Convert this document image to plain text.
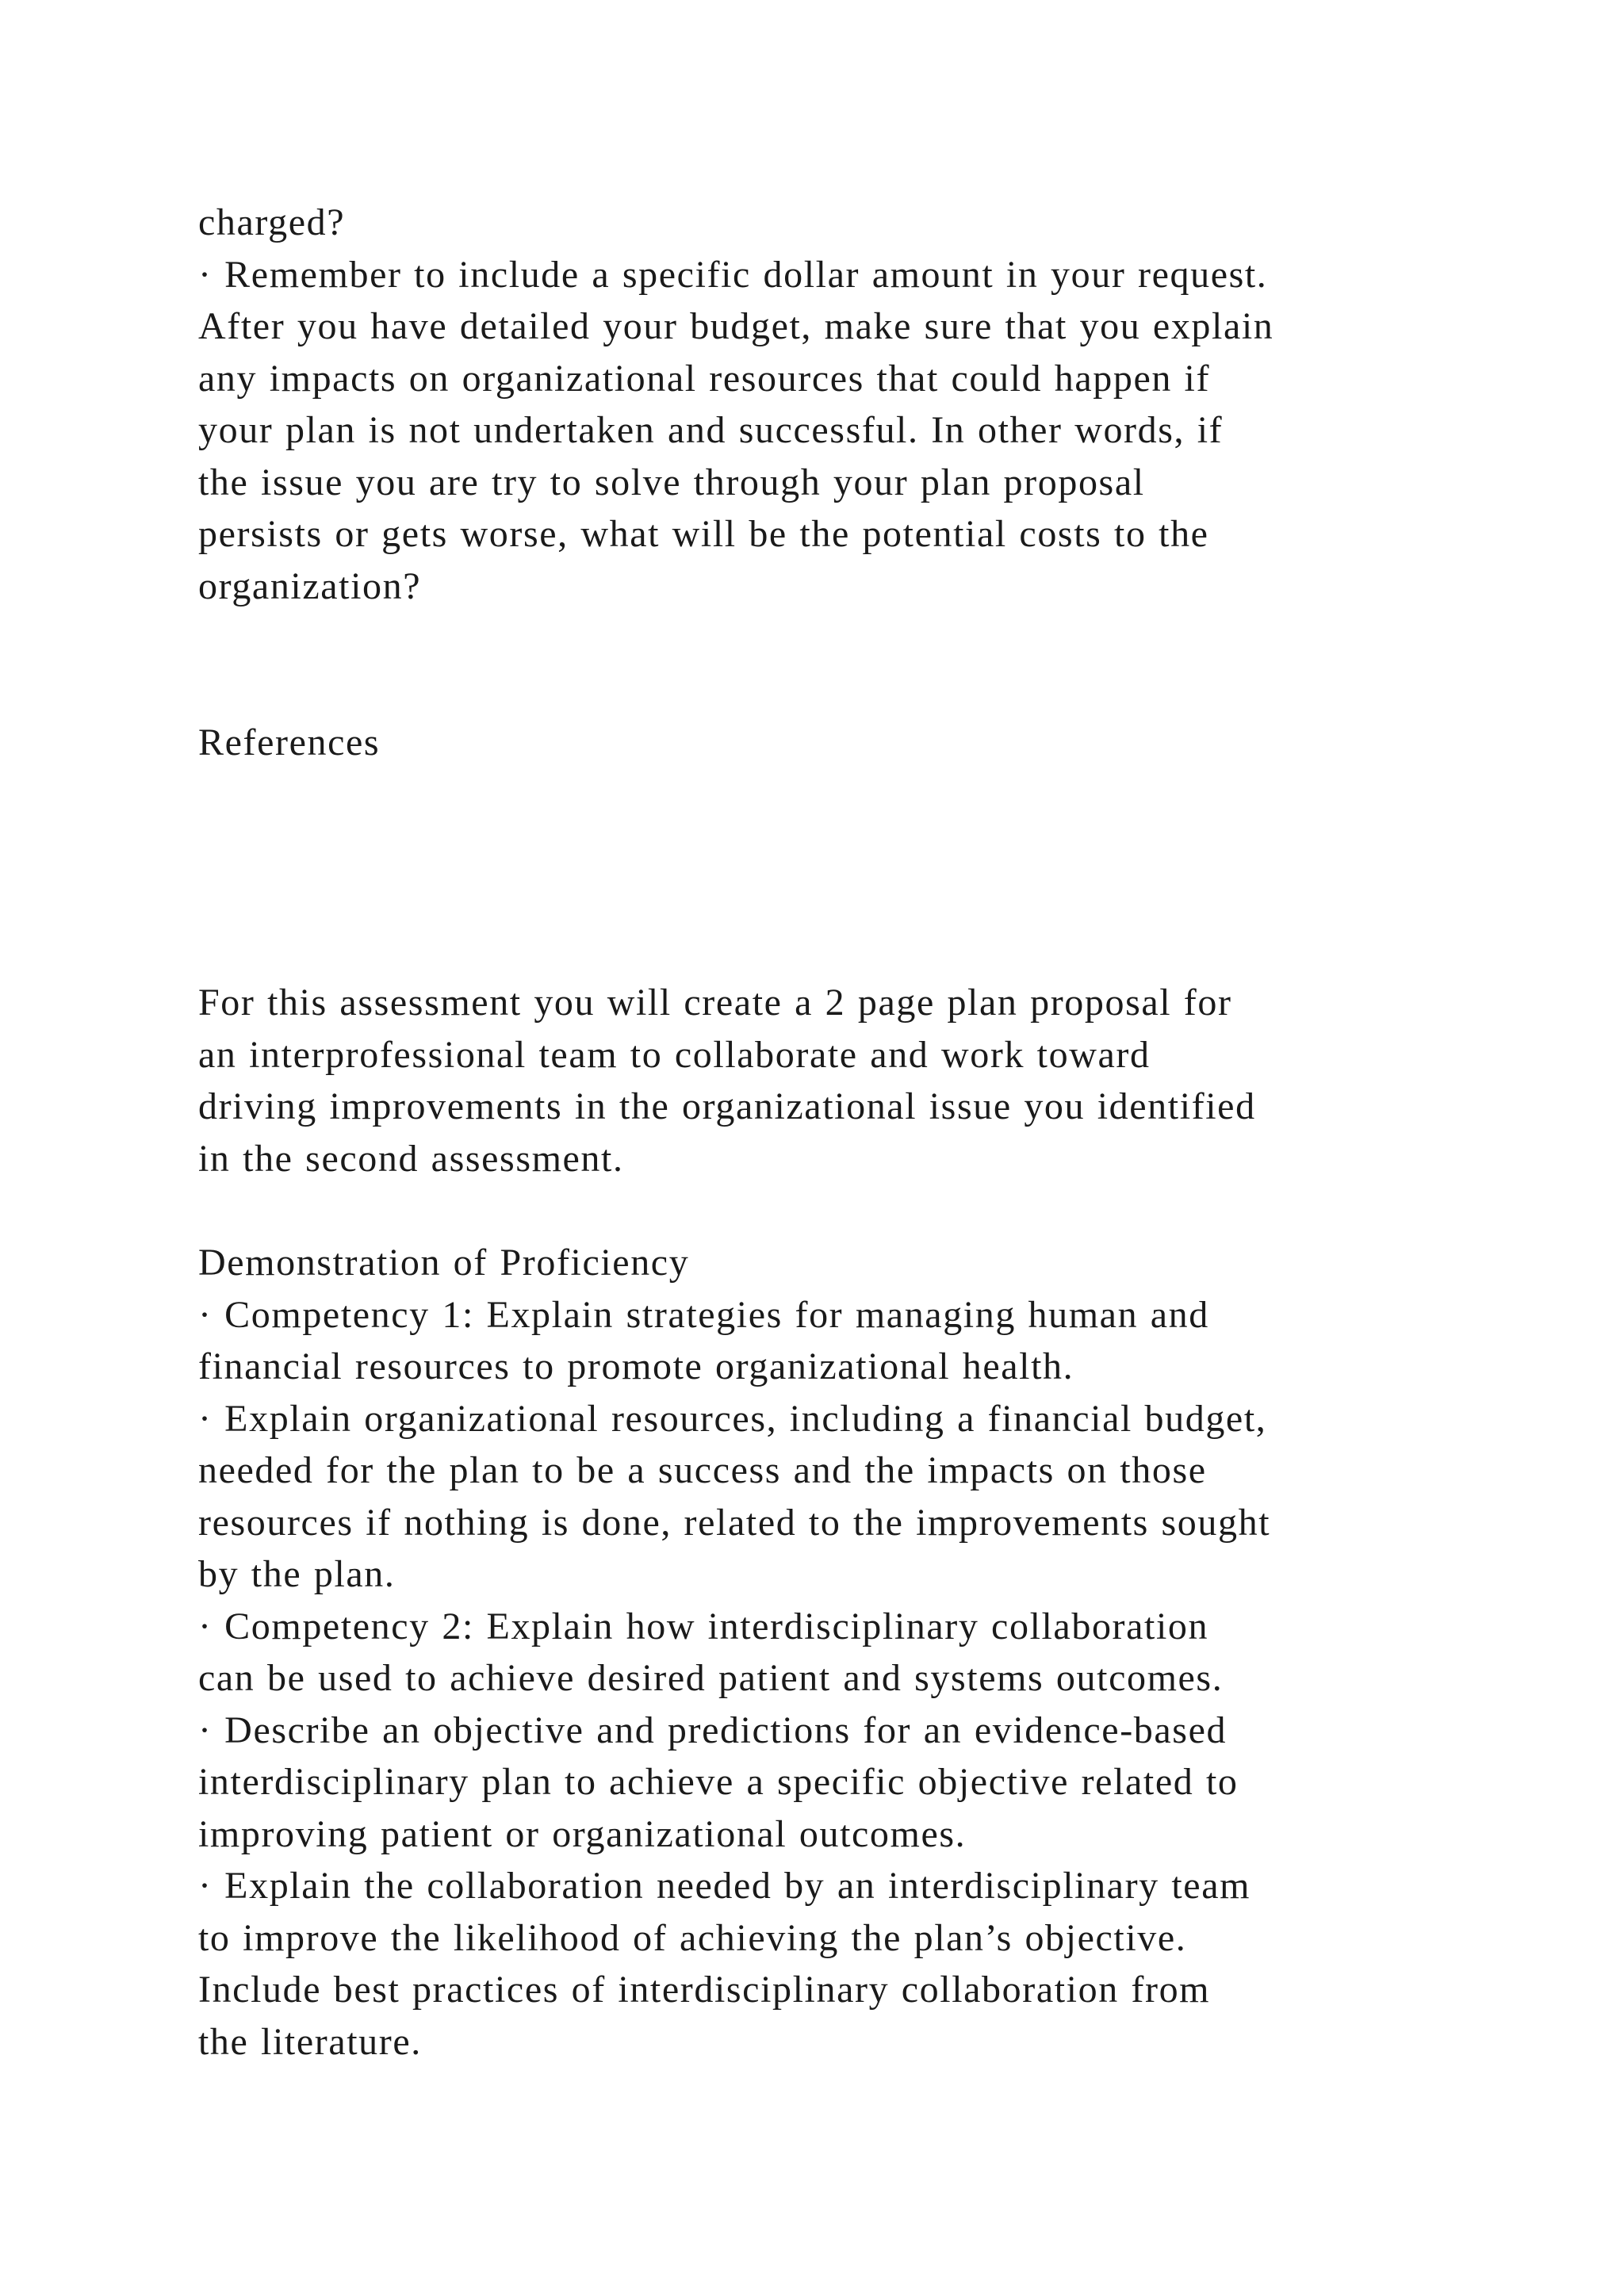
charged?
· Remember to include a specific dollar amount in your request.
After you have detailed your budget, make sure that you explain
any impacts on organizational resources that could happen if
your plan is not undertaken and successful. In other words, if
the issue you are try to solve through your plan proposal
persists or gets worse, what will be the potential costs to the
organization?
References
For this assessment you will create a 2 page plan proposal for
an interprofessional team to collaborate and work toward
driving improvements in the organizational issue you identified
in the second assessment.
Demonstration of Proficiency
· Competency 1: Explain strategies for managing human and
financial resources to promote organizational health.
· Explain organizational resources, including a financial budget,
needed for the plan to be a success and the impacts on those
resources if nothing is done, related to the improvements sought
by the plan.
· Competency 2: Explain how interdisciplinary collaboration
can be used to achieve desired patient and systems outcomes.
· Describe an objective and predictions for an evidence-based
interdisciplinary plan to achieve a specific objective related to
improving patient or organizational outcomes.
· Explain the collaboration needed by an interdisciplinary team
to improve the likelihood of achieving the plan’s objective.
Include best practices of interdisciplinary collaboration from
the literature.
